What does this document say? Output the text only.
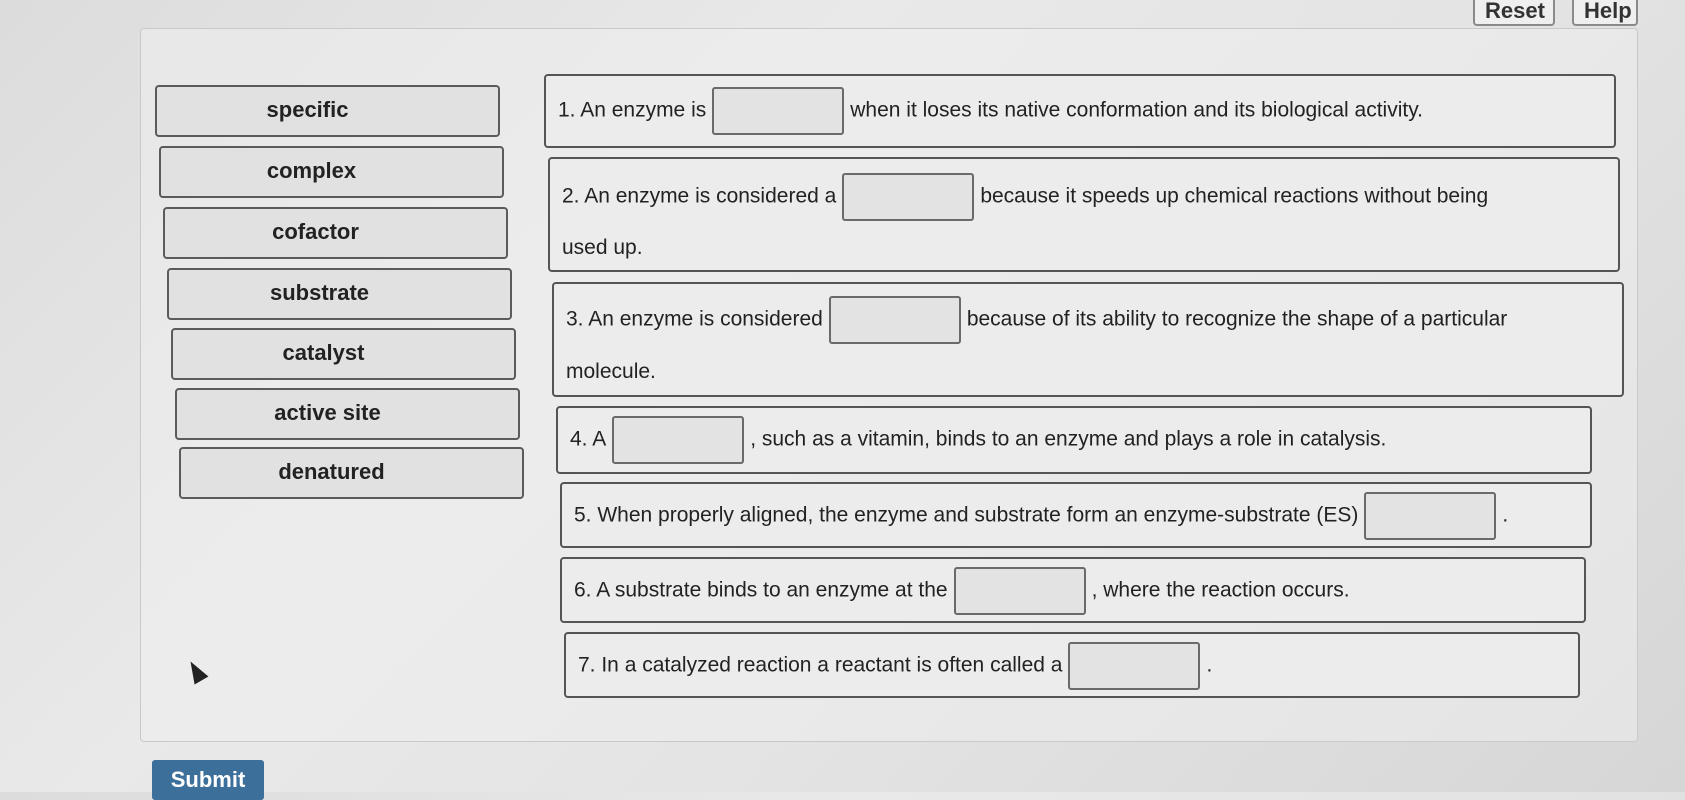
Reset	Help
specific
complex
cofactor
substrate
catalyst
active site
denatured
1. An enzyme is	when it loses its native conformation and its biological activity.
2. An enzyme is considered a	because it speeds up chemical reactions without being
used up.
3. An enzyme is considered	because of its ability to recognize the shape of a particular
molecule.
4. A	, such as a vitamin, binds to an enzyme and plays a role in catalysis.
5. When properly aligned, the enzyme and substrate form an enzyme-substrate (ES)	.
6. A substrate binds to an enzyme at the	, where the reaction occurs.
7. In a catalyzed reaction a reactant is often called a	.
Submit
